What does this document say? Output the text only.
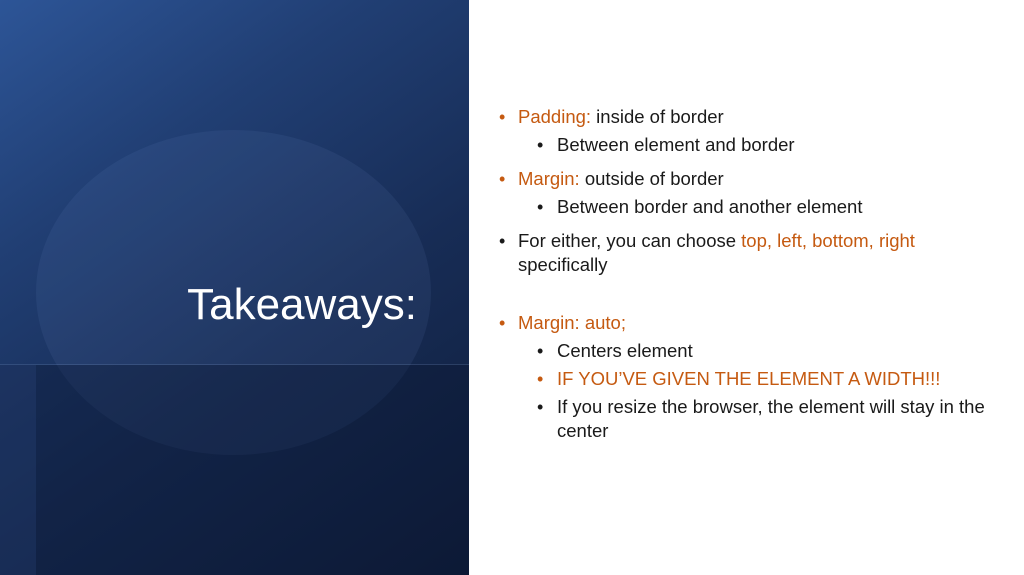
Takeaways:
• Padding: inside of border
• Between element and border
• Margin: outside of border
• Between border and another element
• For either, you can choose top, left, bottom, right specifically
• Margin: auto;
• Centers element
• IF YOU’VE GIVEN THE ELEMENT A WIDTH!!!
• If you resize the browser, the element will stay in the center
